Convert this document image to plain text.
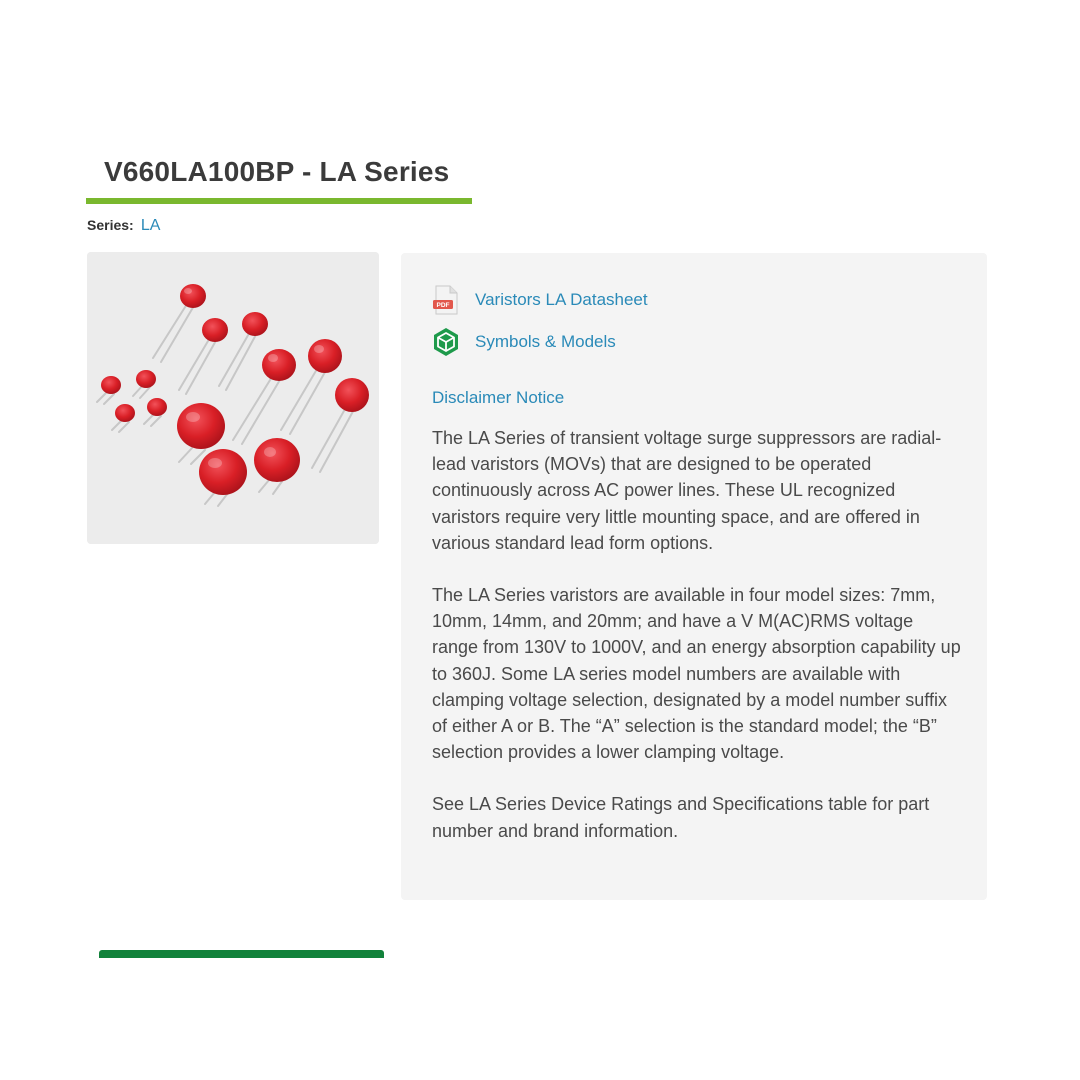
V660LA100BP - LA Series
Series: LA
PDF Varistors LA Datasheet
Symbols & Models
Disclaimer Notice

The LA Series of transient voltage surge suppressors are radial-lead varistors (MOVs) that are designed to be operated continuously across AC power lines. These UL recognized varistors require very little mounting space, and are offered in various standard lead form options.

The LA Series varistors are available in four model sizes: 7mm, 10mm, 14mm, and 20mm; and have a V M(AC)RMS voltage range from 130V to 1000V, and an energy absorption capability up to 360J. Some LA series model numbers are available with clamping voltage selection, designated by a model number suffix of either A or B. The “A” selection is the standard model; the “B” selection provides a lower clamping voltage.

See LA Series Device Ratings and Specifications table for part number and brand information.
